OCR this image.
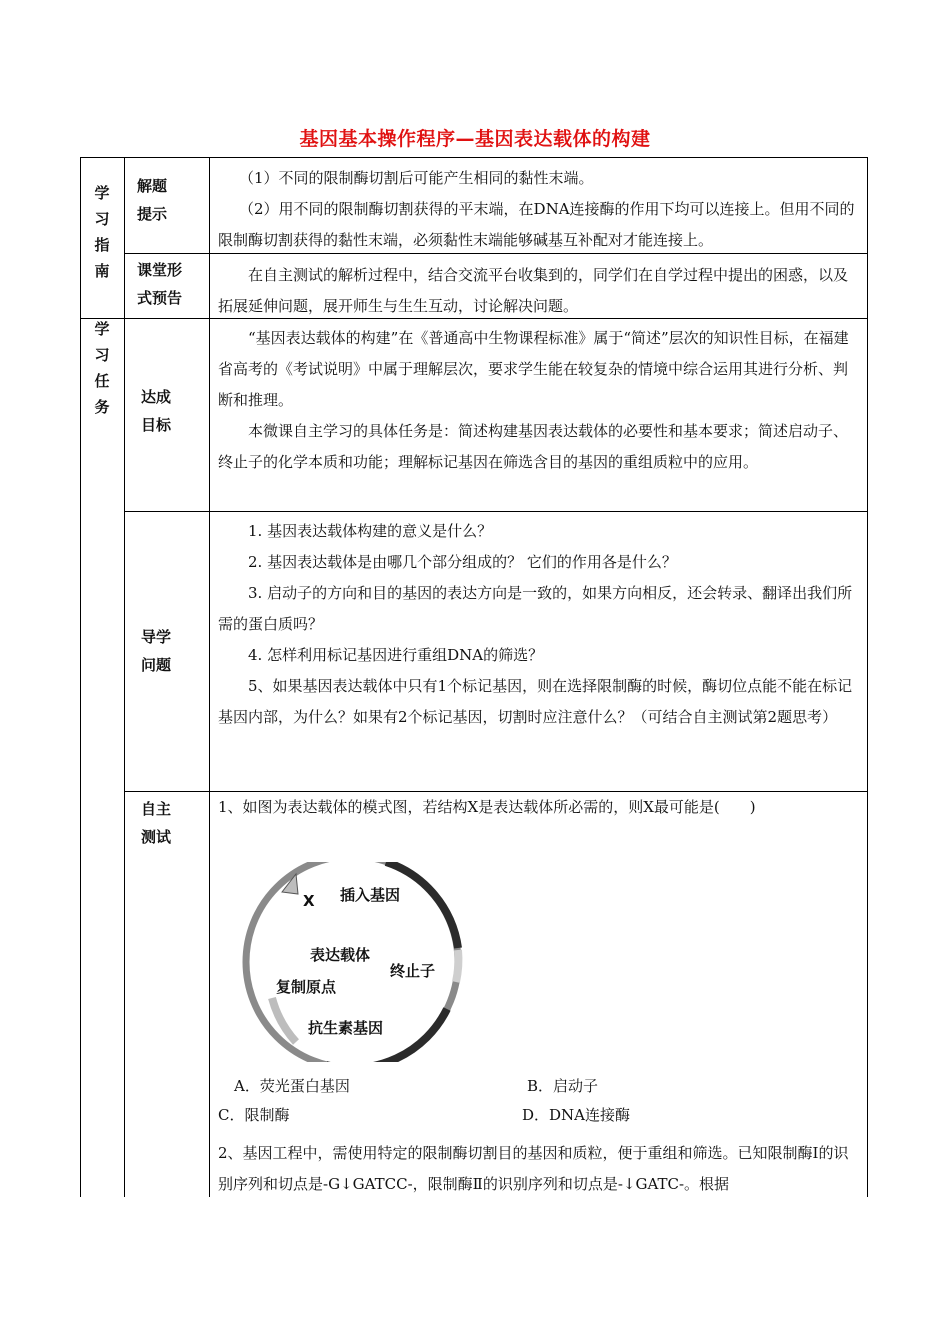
基因基本操作程序—基因表达载体的构建
学习指南
学习任务
解题
提示

（1）不同的限制酶切割后可能产生相同的黏性末端。

（2）用不同的限制酶切割获得的平末端，在DNA连接酶的作用下均可以连接上。但用不同的限制酶切割获得的黏性末端，必须黏性末端能够碱基互补配对才能连接上。

课堂形
式预告

在自主测试的解析过程中，结合交流平台收集到的，同学们在自学过程中提出的困惑，以及拓展延伸问题，展开师生与生生互动，讨论解决问题。

达成
目标

“基因表达载体的构建”在《普通高中生物课程标准》属于“简述”层次的知识性目标，在福建省高考的《考试说明》中属于理解层次，要求学生能在较复杂的情境中综合运用其进行分析、判断和推理。

本微课自主学习的具体任务是：简述构建基因表达载体的必要性和基本要求；简述启动子、终止子的化学本质和功能；理解标记基因在筛选含目的基因的重组质粒中的应用。

导学
问题

1. 基因表达载体构建的意义是什么？

2. 基因表达载体是由哪几个部分组成的？ 它们的作用各是什么？

3. 启动子的方向和目的基因的表达方向是一致的，如果方向相反，还会转录、翻译出我们所需的蛋白质吗？

4. 怎样利用标记基因进行重组DNA的筛选？

5、如果基因表达载体中只有1个标记基因，则在选择限制酶的时候，酶切位点能不能在标记基因内部，为什么？如果有2个标记基因，切割时应注意什么？（可结合自主测试第2题思考）

自主
测试
1、如图为表达载体的模式图，若结构X是表达载体所必需的，则X最可能是(　　)
X 插入基因
表达载体
终止子
复制原点
抗生素基因
A．荧光蛋白基因	B．启动子
C．限制酶	D．DNA连接酶
2、基因工程中，需使用特定的限制酶切割目的基因和质粒，便于重组和筛选。已知限制酶Ⅰ的识别序列和切点是-G↓GATCC-，限制酶Ⅱ的识别序列和切点是-↓GATC-。根据
